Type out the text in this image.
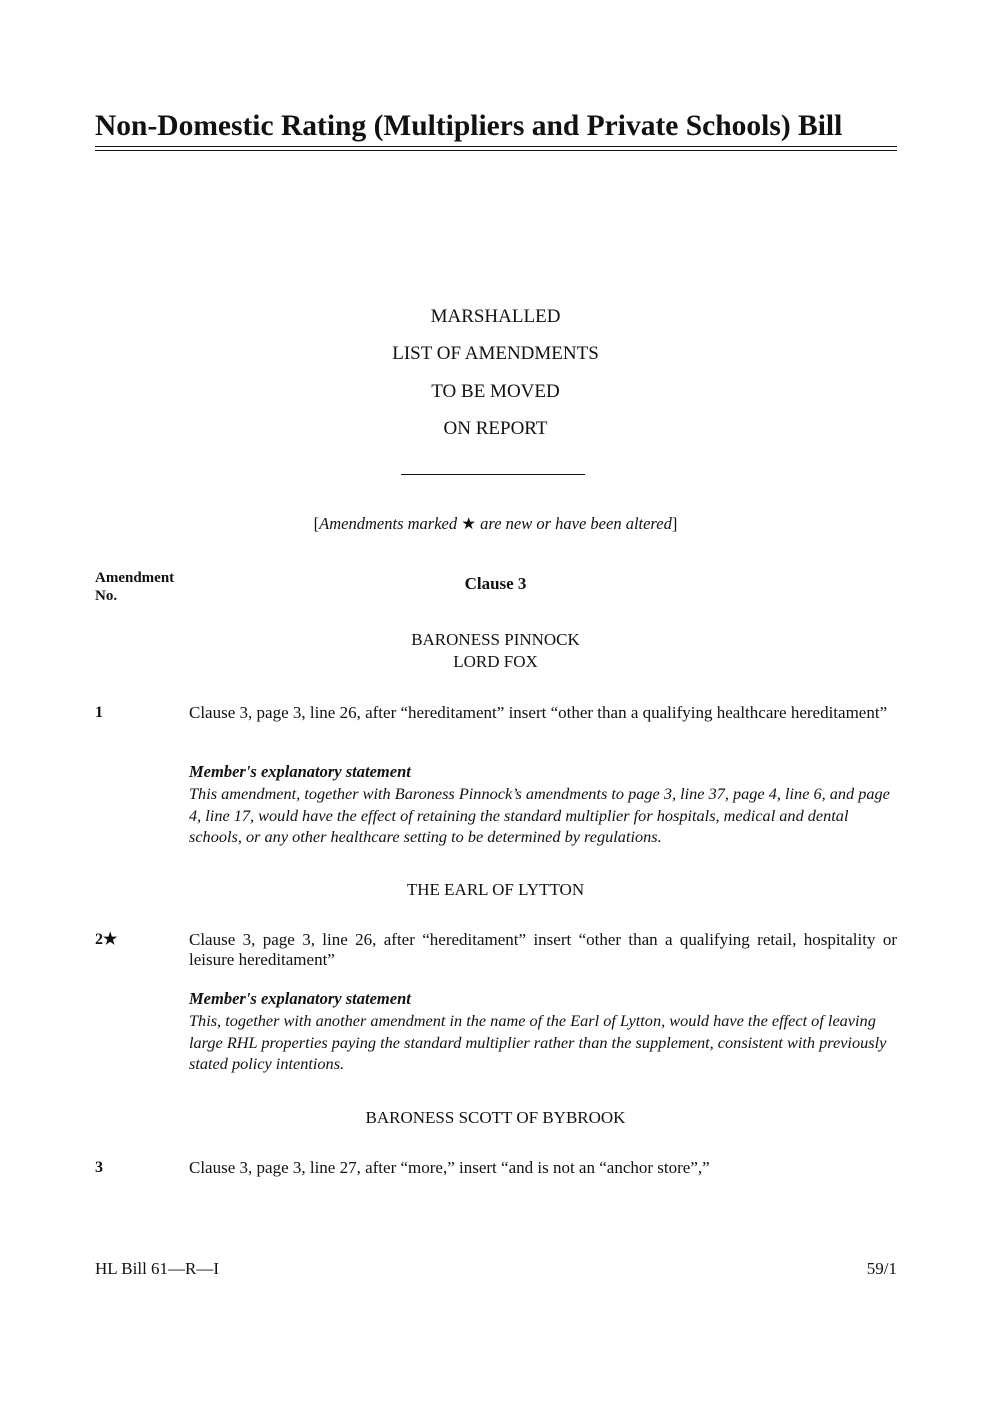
Non-Domestic Rating (Multipliers and Private Schools) Bill
MARSHALLED
LIST OF AMENDMENTS
TO BE MOVED
ON REPORT
[Amendments marked ★ are new or have been altered]
Amendment
No.
Clause 3
BARONESS PINNOCK
LORD FOX
1	Clause 3, page 3, line 26, after “hereditament” insert “other than a qualifying healthcare hereditament”
Member's explanatory statement
This amendment, together with Baroness Pinnock’s amendments to page 3, line 37, page 4, line 6, and page 4, line 17, would have the effect of retaining the standard multiplier for hospitals, medical and dental schools, or any other healthcare setting to be determined by regulations.
THE EARL OF LYTTON
2★	Clause 3, page 3, line 26, after “hereditament” insert “other than a qualifying retail, hospitality or leisure hereditament”
Member's explanatory statement
This, together with another amendment in the name of the Earl of Lytton, would have the effect of leaving large RHL properties paying the standard multiplier rather than the supplement, consistent with previously stated policy intentions.
BARONESS SCOTT OF BYBROOK
3	Clause 3, page 3, line 27, after “more,” insert “and is not an “anchor store”,”
HL Bill 61—R—I	59/1
